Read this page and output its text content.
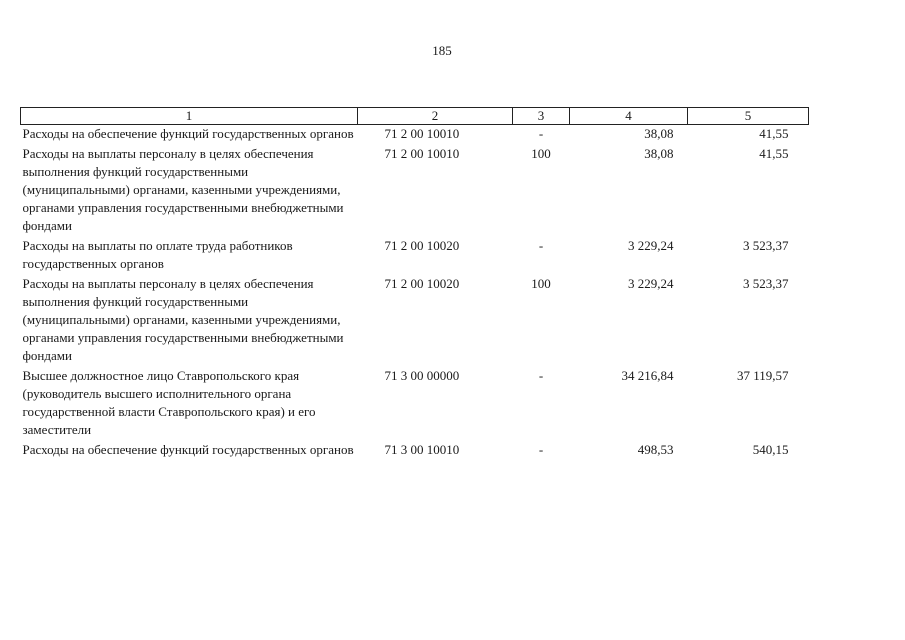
185
1	2	3	4	5
Расходы на обеспечение функций государственных органов	71 2 00 10010	-	38,08	41,55
Расходы на выплаты персоналу в целях обеспечения выполнения функций государственными (муниципальными) органами, казенными учреждениями, органами управления государственными внебюджетными фондами	71 2 00 10010	100	38,08	41,55
Расходы на выплаты по оплате труда работников государственных органов	71 2 00 10020	-	3 229,24	3 523,37
Расходы на выплаты персоналу в целях обеспечения выполнения функций государственными (муниципальными) органами, казенными учреждениями, органами управления государственными внебюджетными фондами	71 2 00 10020	100	3 229,24	3 523,37
Высшее должностное лицо Ставропольского края (руководитель высшего исполнительного органа государственной власти Ставропольского края) и его заместители	71 3 00 00000	-	34 216,84	37 119,57
Расходы на обеспечение функций государственных органов	71 3 00 10010	-	498,53	540,15
